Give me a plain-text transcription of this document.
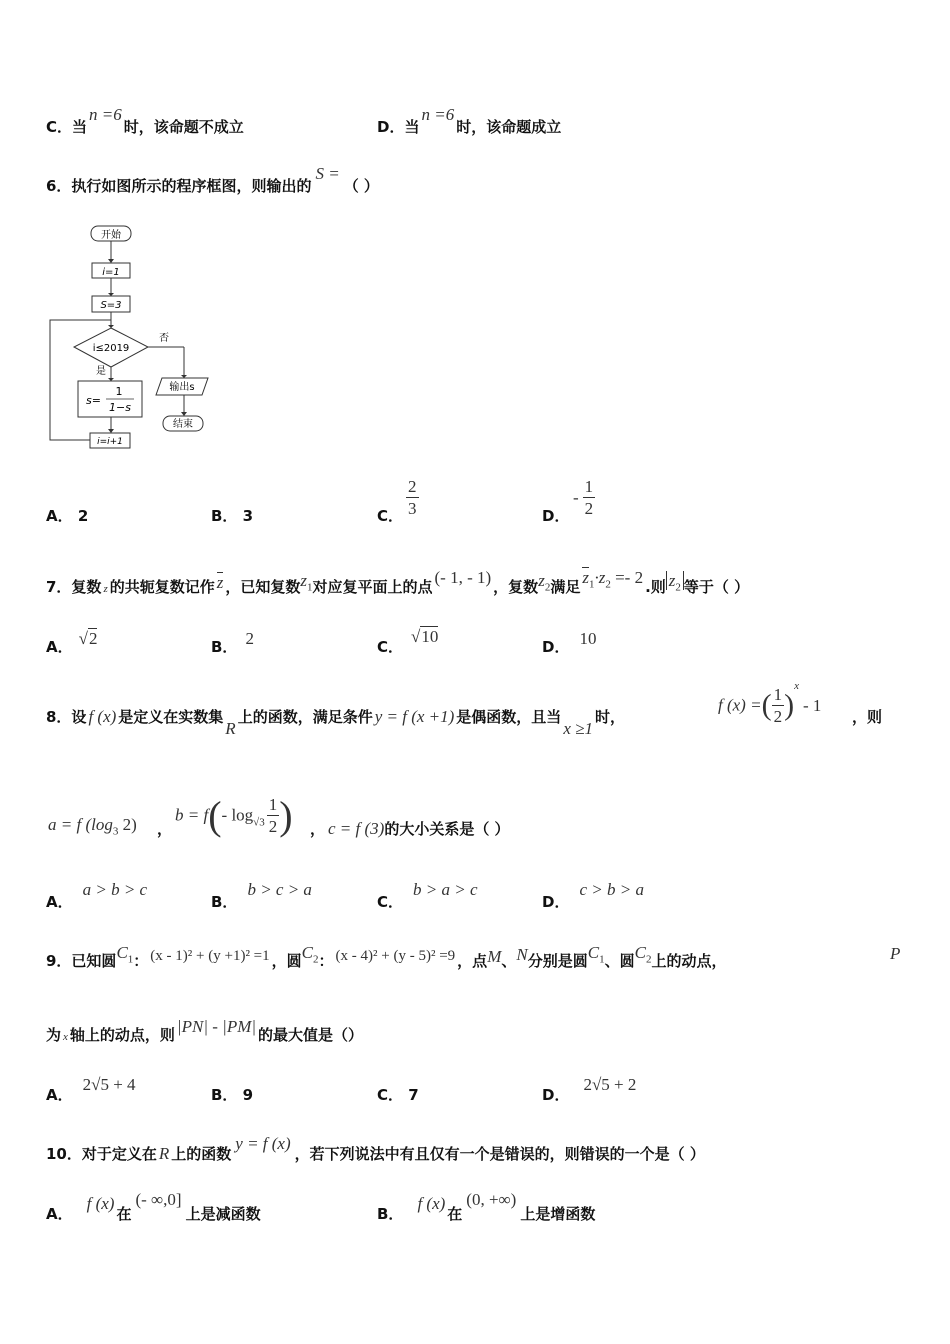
C．当n =6时，该命题不成立	D．当n =6时，该命题成立
6．执行如图所示的程序框图，则输出的S =（ ）
开始
i=1
S=3
i≤2019
否
是
s=
1
1−s
输出s
结束
i=i+1
A． 2	B． 3	C． $\frac{2}{3}$	D．
- $\frac{1}{2}$
7．复数 z 的共轭复数记作 z ，已知复数$z_1$对应复平面上的点 (- 1, - 1) ，复数$z_2$满足 $z_1\cdot z_2 =- 2$ .则 $z_2$ 等于（ ）
A． √2	B． 2	C．√10
D． 10
8．设 f (x) 是定义在实数集R上的函数，满足条件 y = f (x +1) 是偶函数，且当x ≥1时，
f (x) =( $\frac{1}{2} )^x-$ 1
，则
a = f ($\log_3$ 2) ，
b = f(- $\log_{√3} \frac{1}{2}$ ) ， c = f (3)的大小关系是（ ）
A．a > b > c
B．b > c > a
C．b > a > c
D．c > b > a
9．已知圆$C_1$： (x - 1)² + (y +1)² =1 ，圆$C_2$： (x - 4)² + (y - 5)² =9 ，点M、N分别是圆$C_1$、圆$C_2$上的动点，	P
为 x 轴上的动点，则 |PN| - |PM| 的最大值是（）
A．2√5 + 4
B． 9	C． 7	D．2√5 + 2
10．对于定义在 R 上的函数y = f (x)，若下列说法中有且仅有一个是错误的，则错误的一个是（ ）
A．f (x)在(- ∞,0]上是减函数	B．f (x)在(0, +∞)上是增函数
